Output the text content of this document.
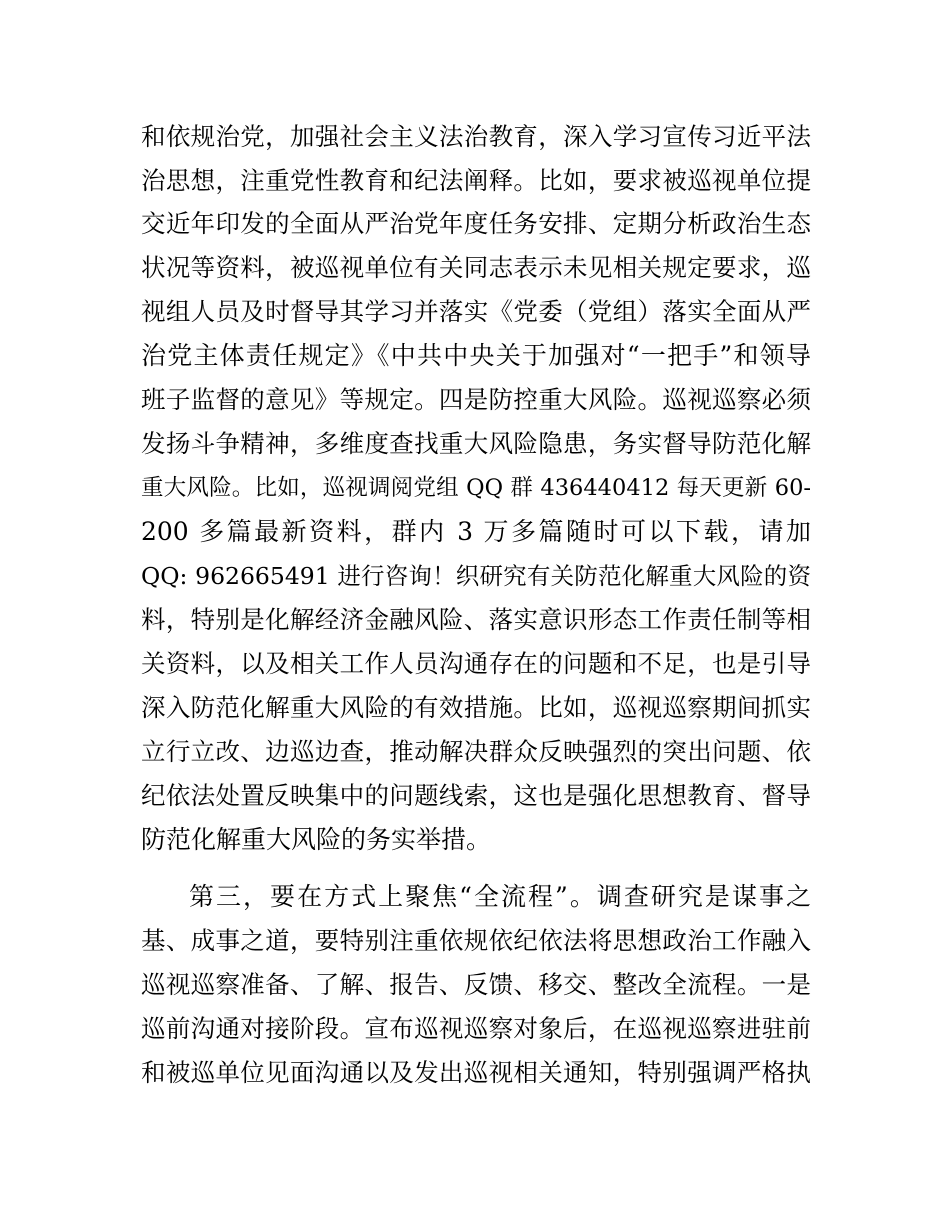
和依规治党，加强社会主义法治教育，深入学习宣传习近平法
治思想，注重党性教育和纪法阐释。比如，要求被巡视单位提
交近年印发的全面从严治党年度任务安排、定期分析政治生态
状况等资料，被巡视单位有关同志表示未见相关规定要求，巡
视组人员及时督导其学习并落实《党委（党组）落实全面从严
治党主体责任规定》《中共中央关于加强对“一把手”和领导
班子监督的意见》等规定。四是防控重大风险。巡视巡察必须
发扬斗争精神，多维度查找重大风险隐患，务实督导防范化解
重大风险。比如，巡视调阅党组 QQ 群 436440412 每天更新 60-
200 多篇最新资料，群内 3 万多篇随时可以下载，请加
QQ: 962665491 进行咨询！织研究有关防范化解重大风险的资
料，特别是化解经济金融风险、落实意识形态工作责任制等相
关资料，以及相关工作人员沟通存在的问题和不足，也是引导
深入防范化解重大风险的有效措施。比如，巡视巡察期间抓实
立行立改、边巡边查，推动解决群众反映强烈的突出问题、依
纪依法处置反映集中的问题线索，这也是强化思想教育、督导
防范化解重大风险的务实举措。
第三，要在方式上聚焦“全流程”。调查研究是谋事之
基、成事之道，要特别注重依规依纪依法将思想政治工作融入
巡视巡察准备、了解、报告、反馈、移交、整改全流程。一是
巡前沟通对接阶段。宣布巡视巡察对象后，在巡视巡察进驻前
和被巡单位见面沟通以及发出巡视相关通知，特别强调严格执
